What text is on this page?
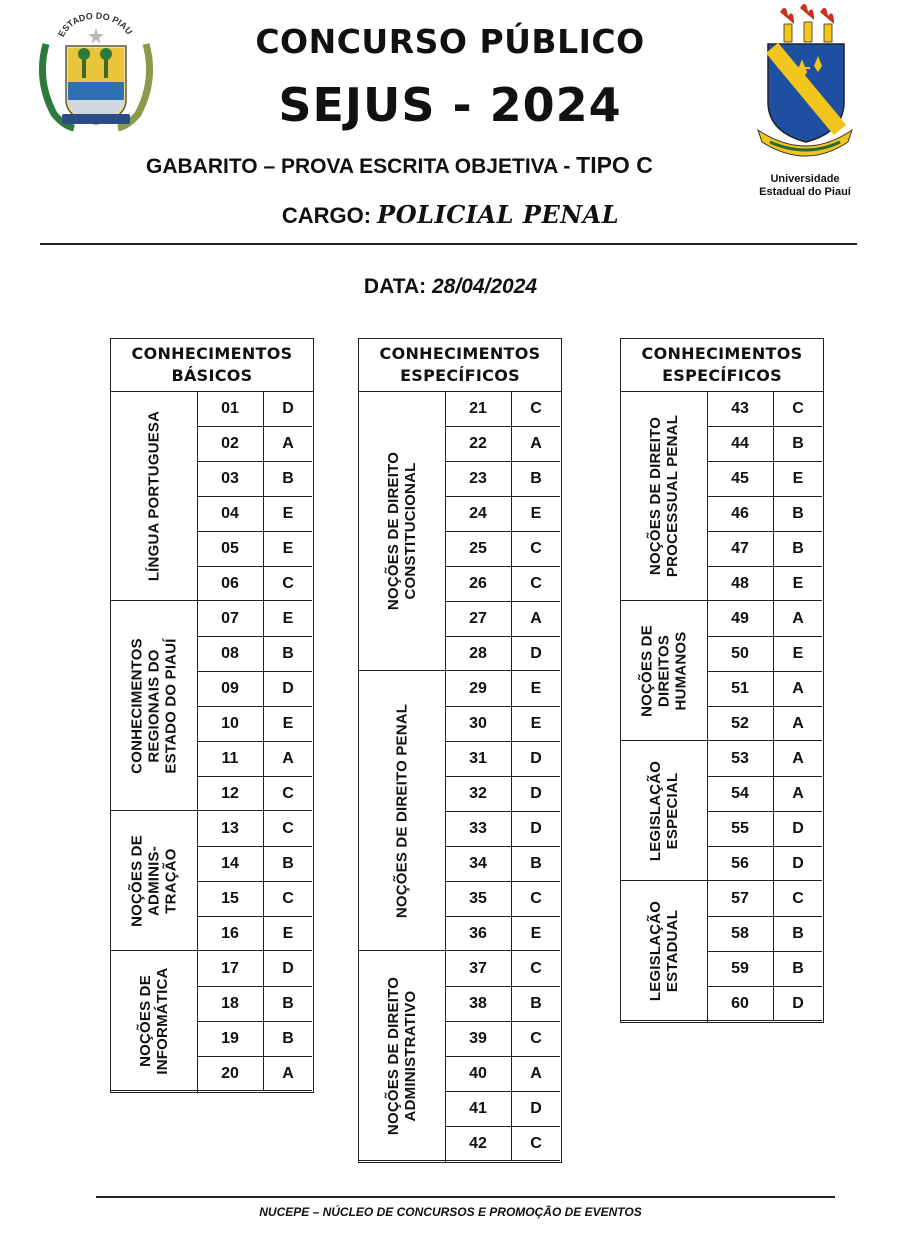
ESTADO DO PIAU
Universidade
Estadual do Piauí
CONCURSO PÚBLICO
SEJUS - 2024
GABARITO – PROVA ESCRITA OBJETIVA - TIPO C
CARGO: POLICIAL PENAL
DATA: 28/04/2024
CONHECIMENTOS
BÁSICOS
LÍNGUA PORTUGUESA
01	D
02	A
03	B
04	E
05	E
06	C
CONHECIMENTOS REGIONAIS DO ESTADO DO PIAUÍ
07	E
08	B
09	D
10	E
11	A
12	C
NOÇÕES DE ADMINIS- TRAÇÃO
13	C
14	B
15	C
16	E
NOÇÕES DE INFORMÁTICA	17	D
18	B
19	B
20	A
CONHECIMENTOS
ESPECÍFICOS
NOÇÕES DE DIREITO CONSTITUCIONAL
21	C
22	A
23	B
24	E
25	C
26	C
27	A
28	D
NOÇÕES DE DIREITO PENAL
29	E
30	E
31	D
32	D
33	D
34	B
35	C
36	E
NOÇÕES DE DIREITO ADMINISTRATIVO
37	C
38	B
39	C
40	A
41	D
42	C
CONHECIMENTOS
ESPECÍFICOS
NOÇÕES DE DIREITO PROCESSUAL PENAL
43	C
44	B
45	E
46	B
47	B
48	E
NOÇÕES DE DIREITOS HUMANOS
49	A
50	E
51	A
52	A
LEGISLAÇÃO ESPECIAL
53	A
54	A
55	D
56	D
LEGISLAÇÃO ESTADUAL
57	C
58	B
59	B
60	D
NUCEPE – NÚCLEO DE CONCURSOS E PROMOÇÃO DE EVENTOS
